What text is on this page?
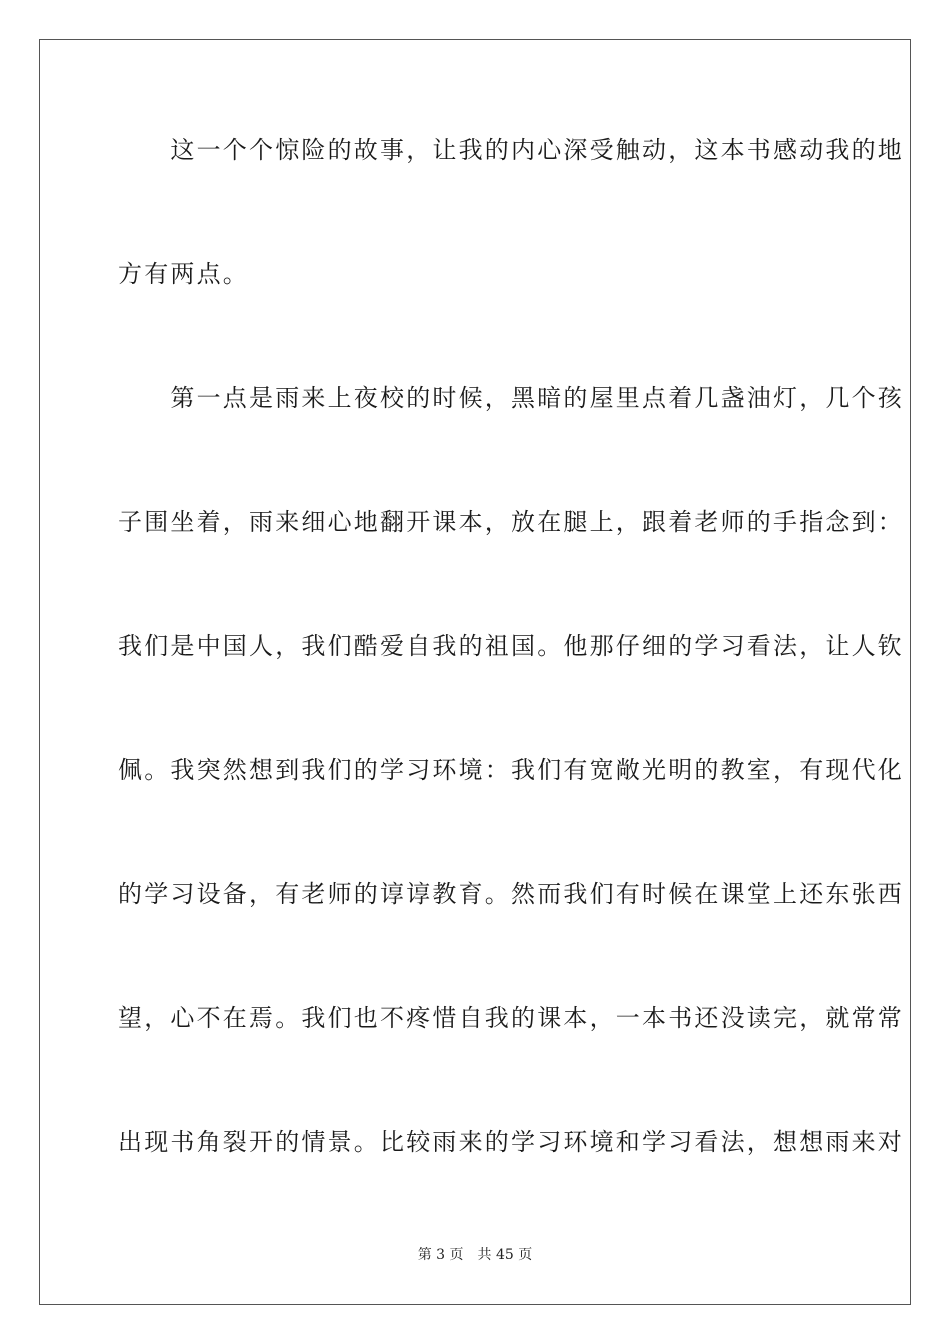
　　这一个个惊险的故事，让我的内心深受触动，这本书感动我的地
方有两点。
　　第一点是雨来上夜校的时候，黑暗的屋里点着几盏油灯，几个孩
子围坐着，雨来细心地翻开课本，放在腿上，跟着老师的手指念到：
我们是中国人，我们酷爱自我的祖国。他那仔细的学习看法，让人钦
佩。我突然想到我们的学习环境：我们有宽敞光明的教室，有现代化
的学习设备，有老师的谆谆教育。然而我们有时候在课堂上还东张西
望，心不在焉。我们也不疼惜自我的课本，一本书还没读完，就常常
出现书角裂开的情景。比较雨来的学习环境和学习看法，想想雨来对
第 3 页 共 45 页
